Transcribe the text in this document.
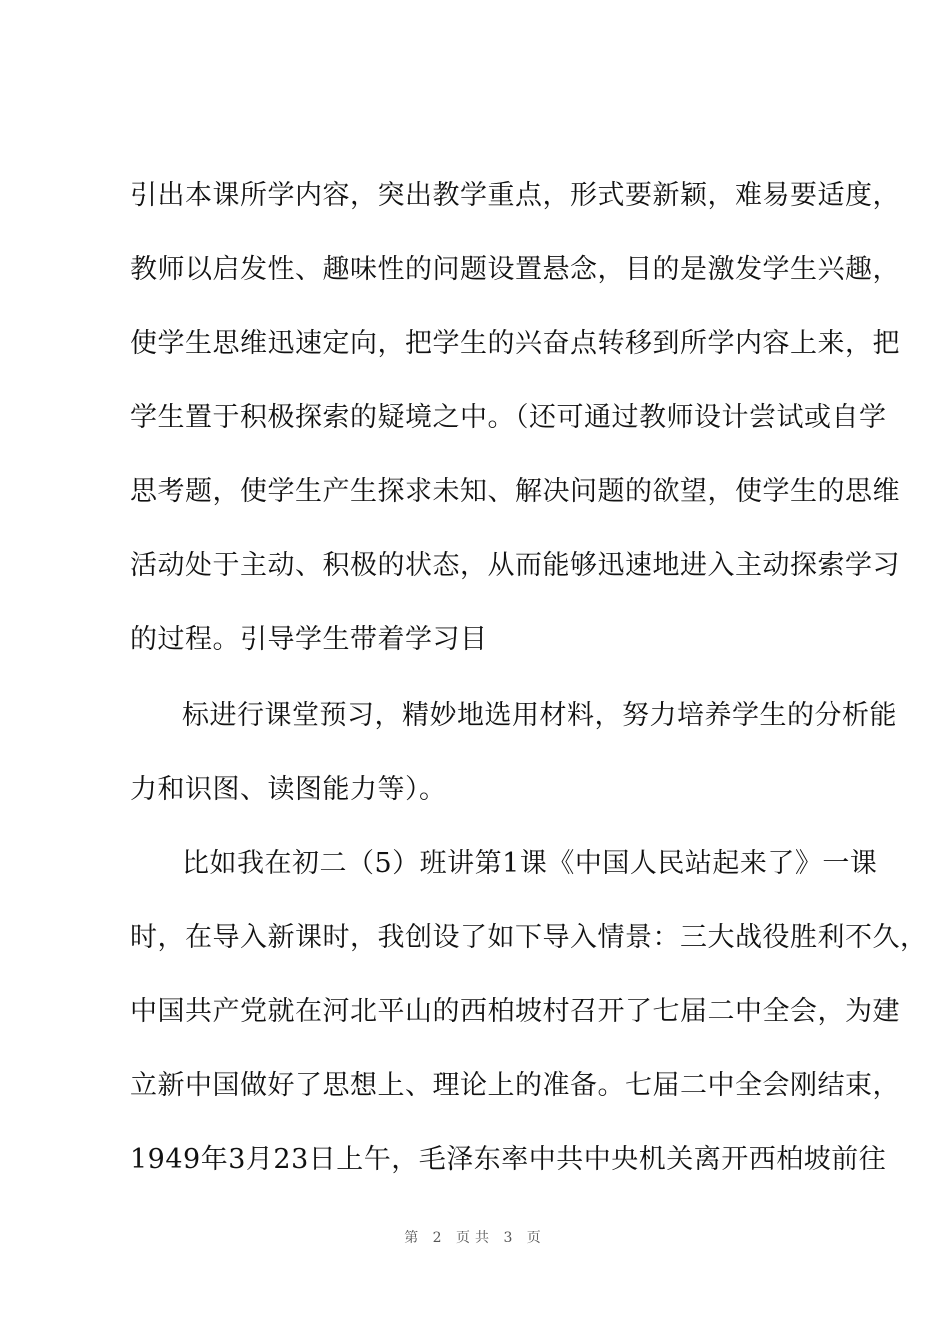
引出本课所学内容，突出教学重点，形式要新颖，难易要适度，
教师以启发性、趣味性的问题设置悬念，目的是激发学生兴趣，
使学生思维迅速定向，把学生的兴奋点转移到所学内容上来，把
学生置于积极探索的疑境之中。（还可通过教师设计尝试或自学
思考题，使学生产生探求未知、解决问题的欲望，使学生的思维
活动处于主动、积极的状态，从而能够迅速地进入主动探索学习
的过程。引导学生带着学习目
标进行课堂预习，精妙地选用材料，努力培养学生的分析能
力和识图、读图能力等）。
比如我在初二（5）班讲第1课《中国人民站起来了》一课
时，在导入新课时，我创设了如下导入情景：三大战役胜利不久，
中国共产党就在河北平山的西柏坡村召开了七届二中全会，为建
立新中国做好了思想上、理论上的准备。七届二中全会刚结束，
1949年3月23日上午，毛泽东率中共中央机关离开西柏坡前往
第 2 页共 3 页
